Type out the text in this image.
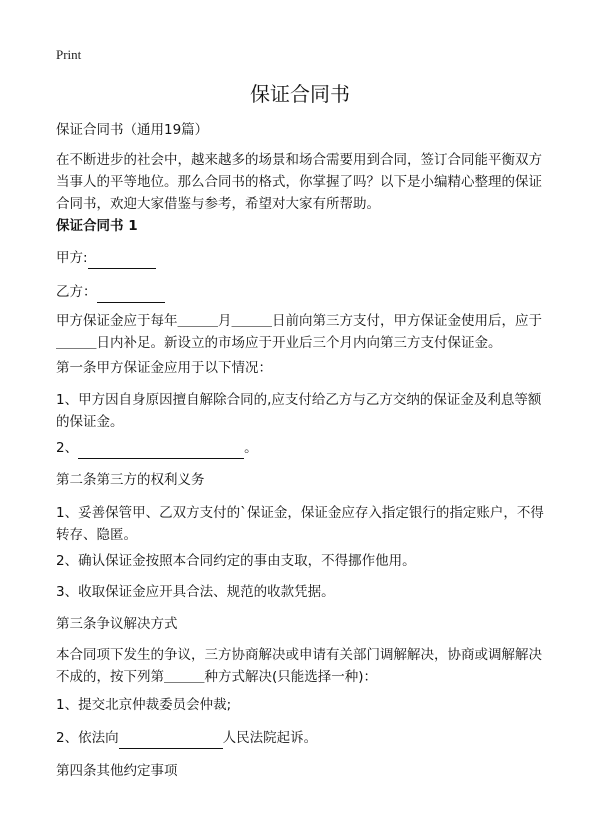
Print
保证合同书
保证合同书（通用19篇）
在不断进步的社会中，越来越多的场景和场合需要用到合同，签订合同能平衡双方当事人的平等地位。那么合同书的格式，你掌握了吗？以下是小编精心整理的保证合同书，欢迎大家借鉴与参考，希望对大家有所帮助。
保证合同书 1
甲方:
乙方：
甲方保证金应于每年＿＿＿月＿＿＿日前向第三方支付，甲方保证金使用后，应于＿＿＿日内补足。新设立的市场应于开业后三个月内向第三方支付保证金。
第一条甲方保证金应用于以下情况：
1、甲方因自身原因擅自解除合同的,应支付给乙方与乙方交纳的保证金及利息等额的保证金。
2、	。
第二条第三方的权利义务
1、妥善保管甲、乙双方支付的`保证金，保证金应存入指定银行的指定账户，不得转存、隐匿。
2、确认保证金按照本合同约定的事由支取，不得挪作他用。
3、收取保证金应开具合法、规范的收款凭据。
第三条争议解决方式
本合同项下发生的争议，三方协商解决或申请有关部门调解解决，协商或调解解决不成的，按下列第＿＿＿种方式解决(只能选择一种)：
1、提交北京仲裁委员会仲裁;
2、依法向	人民法院起诉。
第四条其他约定事项
